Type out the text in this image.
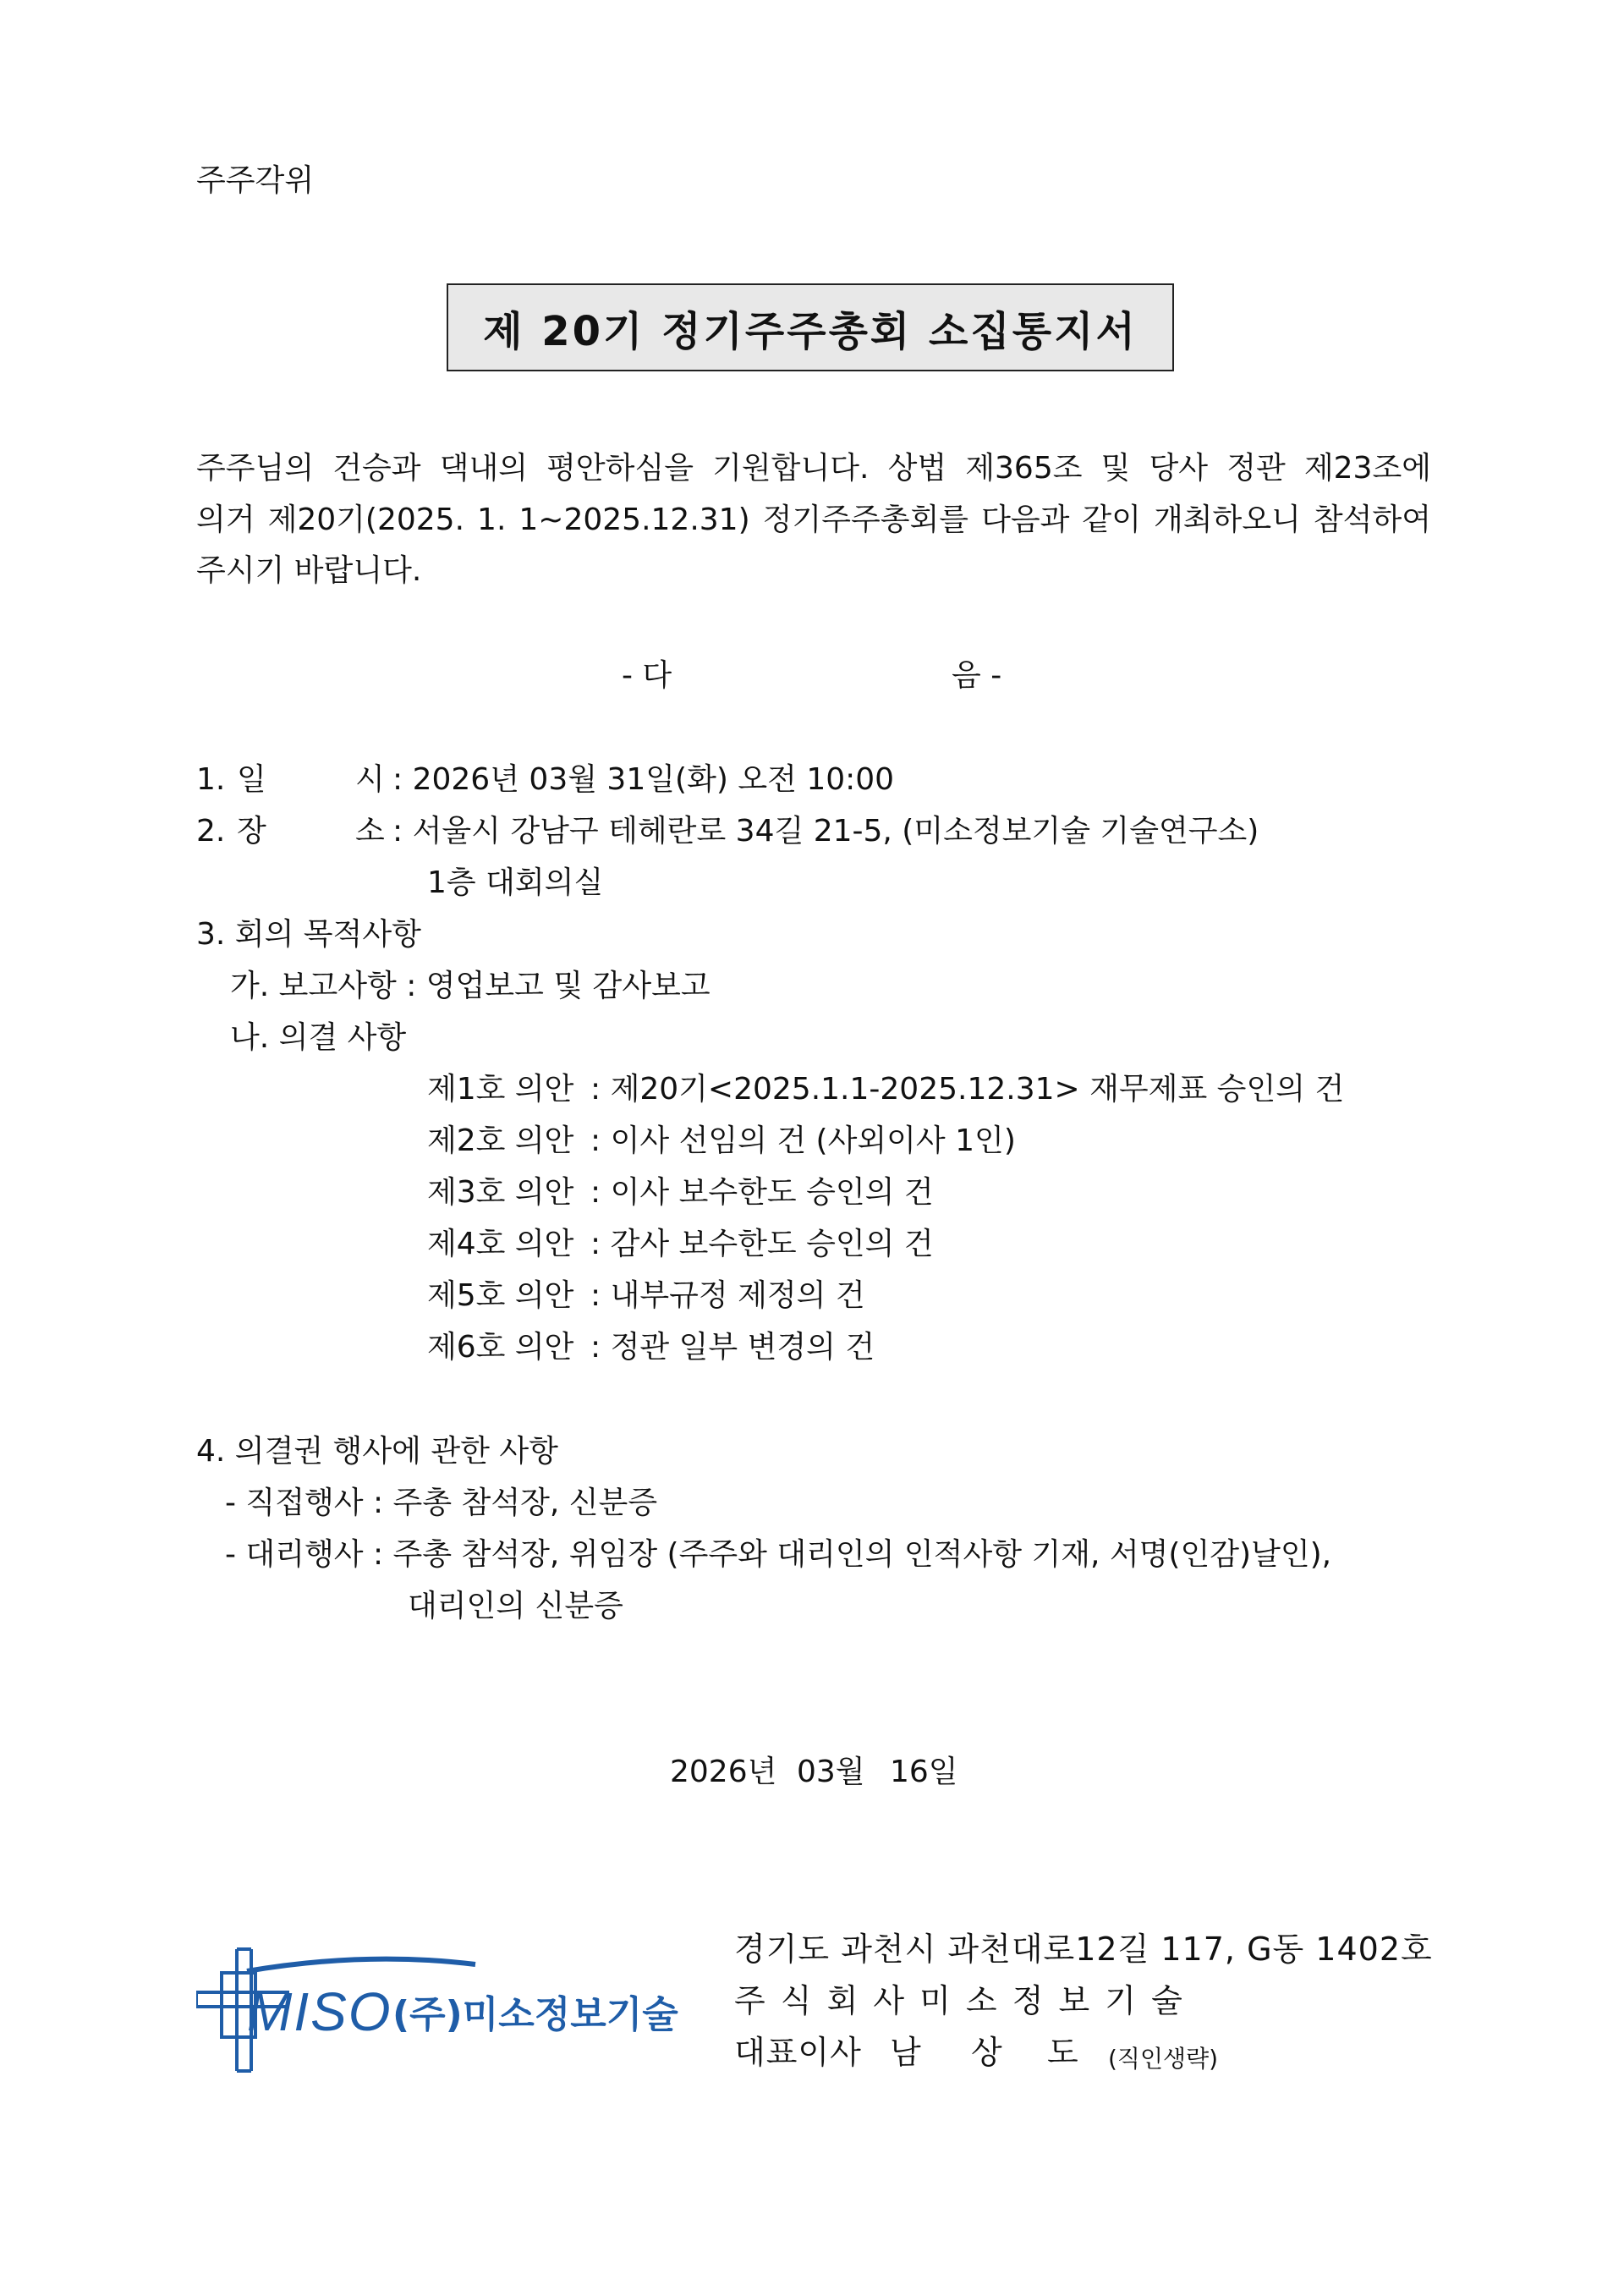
주주각위

제 20기 정기주주총회 소집통지서

주주님의 건승과 댁내의 평안하심을 기원합니다. 상법 제365조 및 당사 정관 제23조에

의거 제20기(2025. 1. 1~2025.12.31) 정기주주총회를 다음과 같이 개최하오니 참석하여

주시기 바랍니다.

- 다	음 -

1. 일	시 : 2026년 03월 31일(화) 오전 10:00

2. 장	소 : 서울시 강남구 테헤란로 34길 21-5, (미소정보기술 기술연구소)

1층 대회의실

3. 회의 목적사항

가. 보고사항 : 영업보고 및 감사보고

나. 의결 사항

제1호 의안 : 제20기<2025.1.1-2025.12.31> 재무제표 승인의 건

제2호 의안 : 이사 선임의 건 (사외이사 1인)

제3호 의안 : 이사 보수한도 승인의 건

제4호 의안 : 감사 보수한도 승인의 건

제5호 의안 : 내부규정 제정의 건

제6호 의안 : 정관 일부 변경의 건

4. 의결권 행사에 관한 사항

- 직접행사 : 주총 참석장, 신분증

- 대리행사 : 주총 참석장, 위임장 (주주와 대리인의 인적사항 기재, 서명(인감)날인),

대리인의 신분증

2026년 03월 16일

MISO (주)미소정보기술

경기도 과천시 과천대로12길 117, G동 1402호

주 식 회 사 미 소 정 보 기 술

대표이사 남 상 도 (직인생략)
